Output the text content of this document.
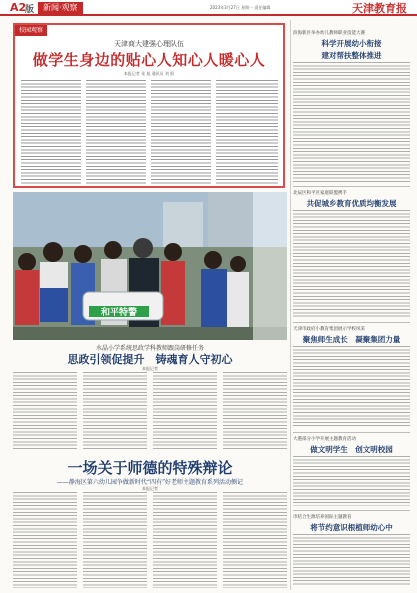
A2
版	新闻·观察	2023年3月27日 星期一 责任编辑	天津教育报
校园观察
天津商大建强心理队伍
做学生身边的贴心人知心人暖心人
本报记者 张 旭 通讯员 刘 阳
和平特警
水晶小学系统思政学科教师跟岗研修任务
思政引领促提升　铸魂育人守初心
本报记者
一场关于师德的特殊辩论
——静海区第六幼儿园争做新时代“四有”好老师主题教育系列活动侧记
本报记者
滨海新区举办幼儿教师职业技能大赛
科学开展幼小衔接
建对帮扶整体推进
北辰区和平区家庭联盟携手
共促城乡教育优质均衡发展
天津市政府小教育集团展示学校风采
聚焦师生成长　凝聚集团力量
大港部分小学开展主题教育活动
做文明学生　创文明校园
市结合生源培养国际主题教育
将节约意识根植师幼心中
